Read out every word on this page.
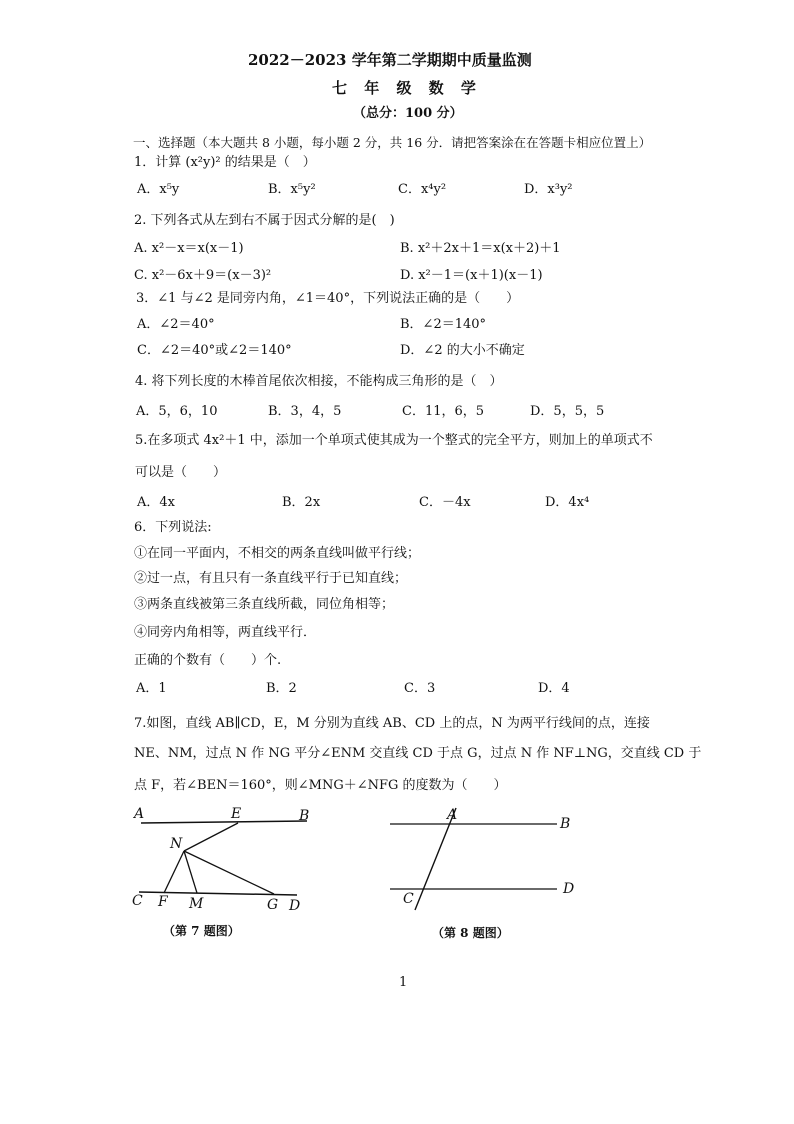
2022－2023 学年第二学期期中质量监测
七 年 级 数 学
（总分：100 分）
一、选择题（本大题共 8 小题，每小题 2 分，共 16 分．请把答案涂在在答题卡相应位置上）
1．计算 (x²y)² 的结果是（　）
A．x⁵y	B．x⁵y²	C．x⁴y²	D．x³y²
2. 下列各式从左到右不属于因式分解的是(　)
A. x²－x＝x(x－1)	B. x²＋2x＋1＝x(x＋2)＋1
C. x²－6x＋9＝(x－3)²	D. x²－1＝(x＋1)(x－1)
3．∠1 与∠2 是同旁内角，∠1＝40°，下列说法正确的是（　　）
A．∠2＝40°	B．∠2＝140°
C．∠2＝40°或∠2＝140°	D．∠2 的大小不确定
4. 将下列长度的木棒首尾依次相接，不能构成三角形的是（　）
A．5，6，10	B．3，4，5	C．11，6，5	D．5，5，5
5.在多项式 4x²＋1 中，添加一个单项式使其成为一个整式的完全平方，则加上的单项式不
可以是（　　）
A．4x	B．2x	C．－4x	D．4x⁴
6．下列说法:
①在同一平面内，不相交的两条直线叫做平行线；
②过一点，有且只有一条直线平行于已知直线；
③两条直线被第三条直线所截，同位角相等；
④同旁内角相等，两直线平行．
正确的个数有（　　）个.
A．1	B．2	C．3	D．4
7.如图，直线 AB∥CD，E，M 分别为直线 AB、CD 上的点，N 为两平行线间的点，连接
NE、NM，过点 N 作 NG 平分∠ENM 交直线 CD 于点 G，过点 N 作 NF⊥NG，交直线 CD 于
点 F，若∠BEN＝160°，则∠MNG＋∠NFG 的度数为（　　）
A	E	B
N
C F M	G D
（第 7 题图）
A
B
C
D
（第 8 题图）
1
